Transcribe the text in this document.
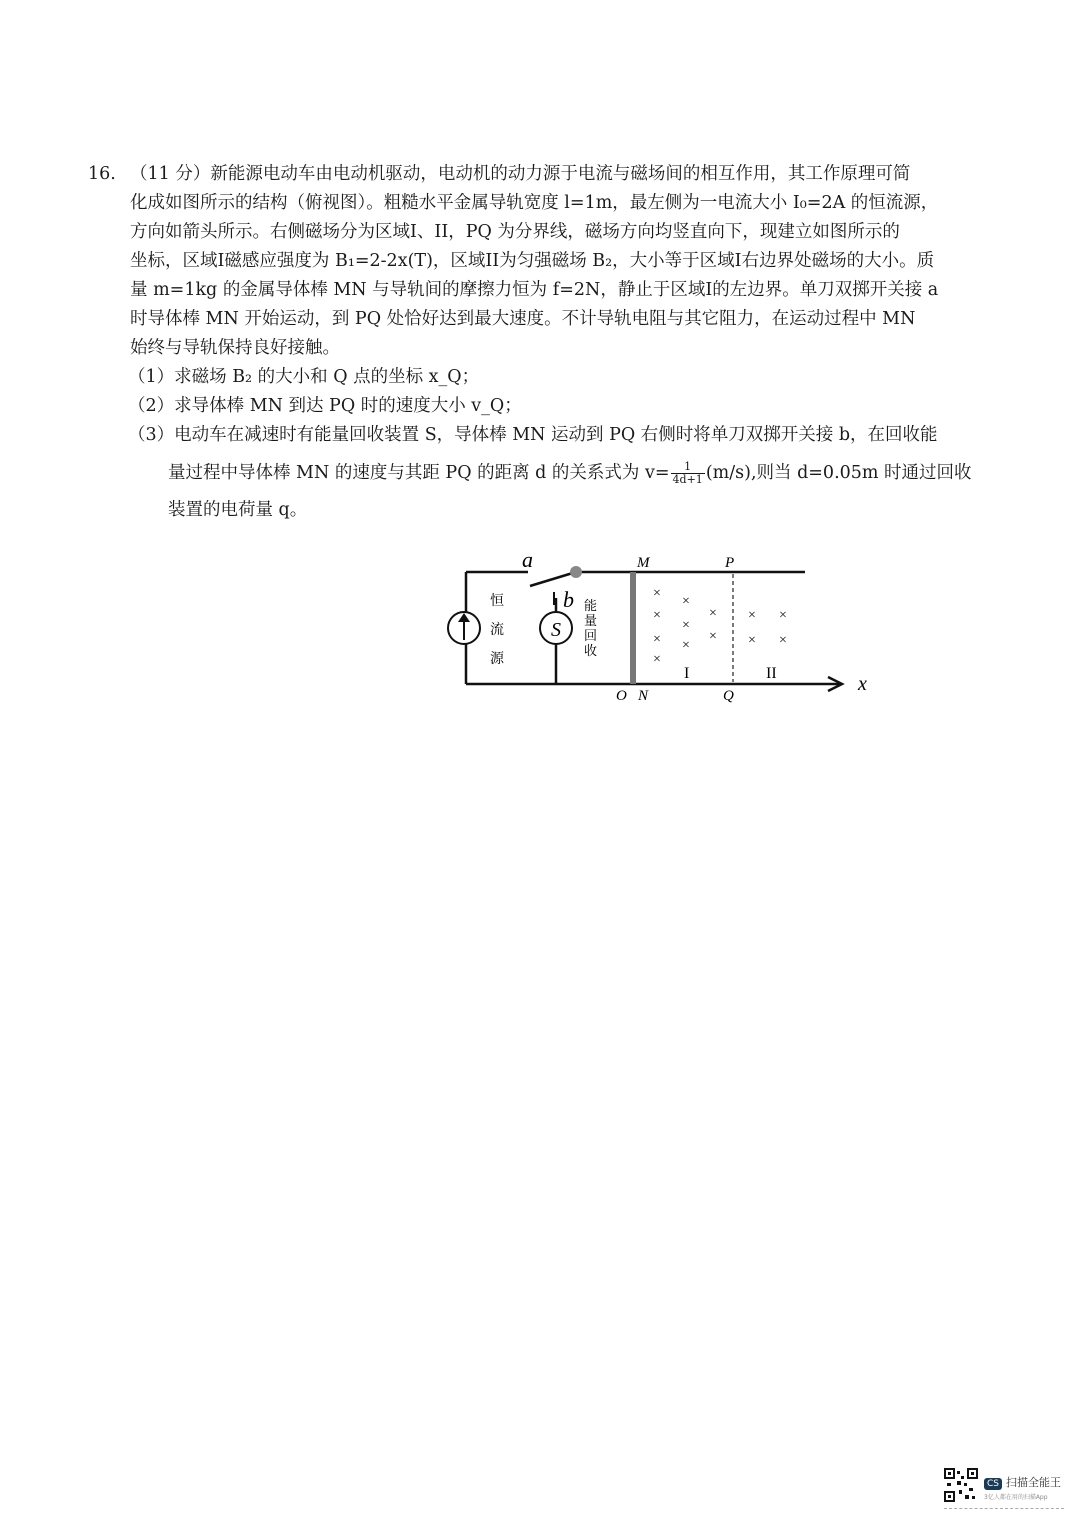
16. （11 分）新能源电动车由电动机驱动，电动机的动力源于电流与磁场间的相互作用，其工作原理可简
化成如图所示的结构（俯视图）。粗糙水平金属导轨宽度 l=1m，最左侧为一电流大小 I₀=2A 的恒流源，
方向如箭头所示。右侧磁场分为区域I、II，PQ 为分界线，磁场方向均竖直向下，现建立如图所示的
坐标，区域I磁感应强度为 B₁=2-2x(T)，区域II为匀强磁场 B₂，大小等于区域I右边界处磁场的大小。质
量 m=1kg 的金属导体棒 MN 与导轨间的摩擦力恒为 f=2N，静止于区域I的左边界。单刀双掷开关接 a
时导体棒 MN 开始运动，到 PQ 处恰好达到最大速度。不计导轨电阻与其它阻力，在运动过程中 MN
始终与导轨保持良好接触。
（1）求磁场 B₂ 的大小和 Q 点的坐标 x_Q；
（2）求导体棒 MN 到达 PQ 时的速度大小 v_Q；
（3）电动车在减速时有能量回收装置 S，导体棒 MN 运动到 PQ 右侧时将单刀双掷开关接 b，在回收能
量过程中导体棒 MN 的速度与其距 PQ 的距离 d 的关系式为 $v= \frac{1}{4d+1} (m/s)$,则当 d=0.05m 时通过回收
装置的电荷量 q。
S
a
b
M	P
O N	Q
x
I	II
恒
流
源
能
量
回
收
×
×
×
×
×
×
×
×
×
×
×
×
×
CS 扫描全能王
3亿人都在用的扫描App
